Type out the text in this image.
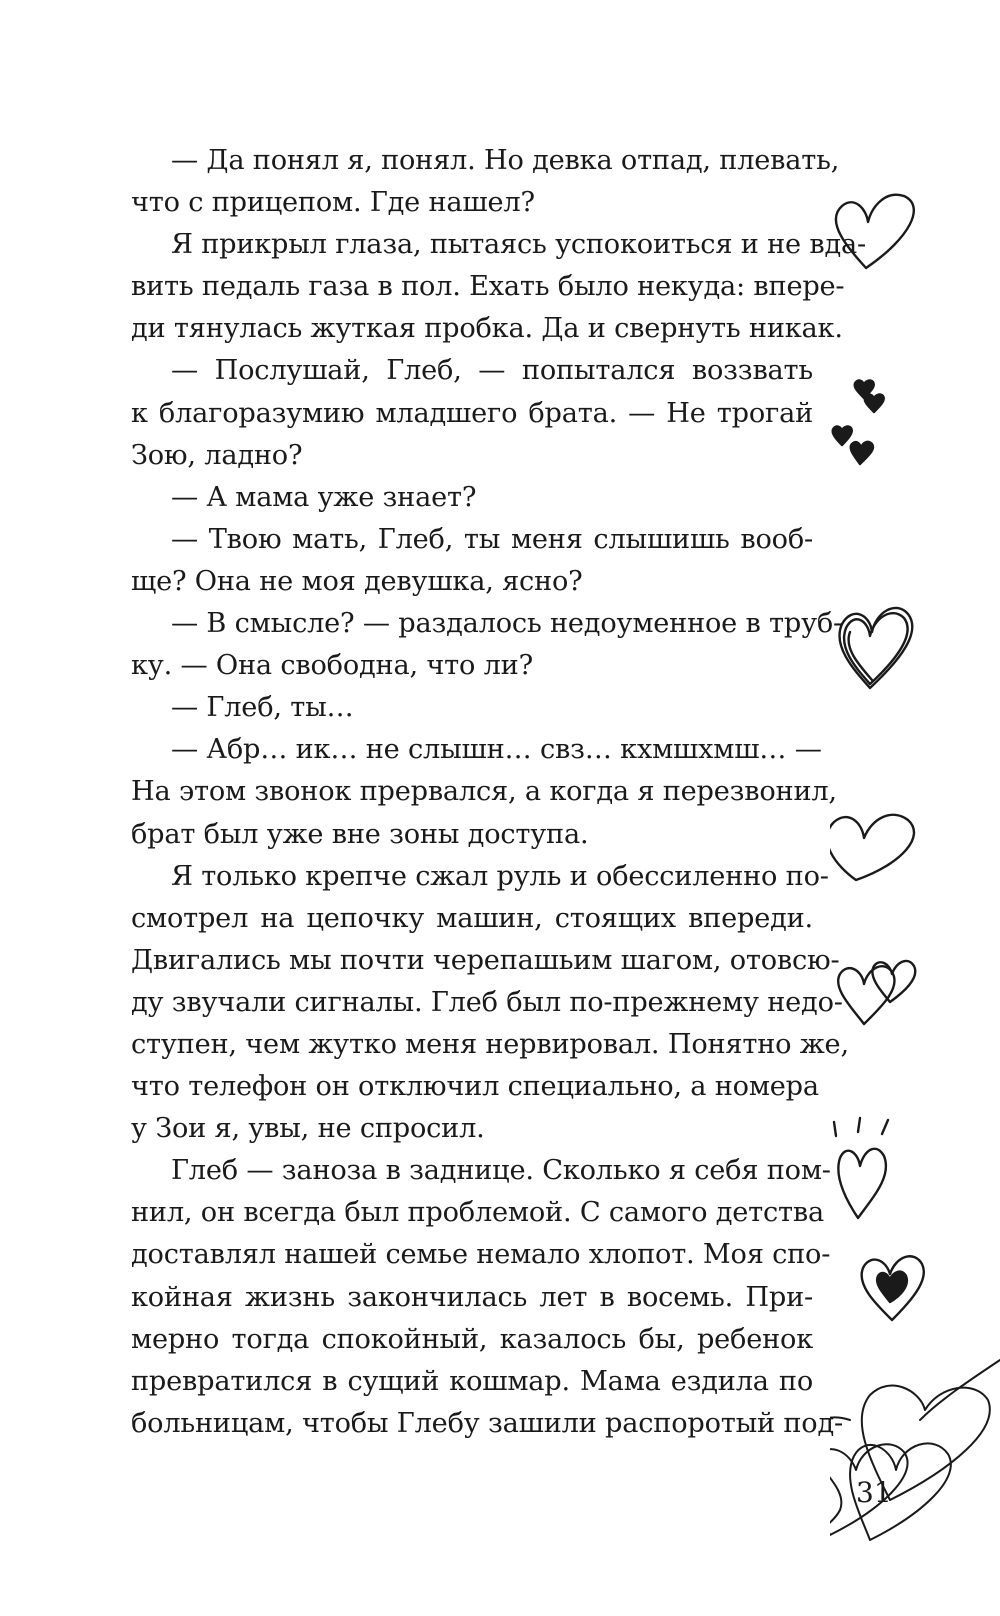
— Да понял я, понял. Но девка отпад, плевать,
что с прицепом. Где нашел?
Я прикрыл глаза, пытаясь успокоиться и не вда-
вить педаль газа в пол. Ехать было некуда: впере-
ди тянулась жуткая пробка. Да и свернуть никак.
— Послушай, Глеб, — попытался воззвать
к благоразумию младшего брата. — Не трогай
Зою, ладно?
— А мама уже знает?
— Твою мать, Глеб, ты меня слышишь вооб-
ще? Она не моя девушка, ясно?
— В смысле? — раздалось недоуменное в труб-
ку. — Она свободна, что ли?
— Глеб, ты…
— Абр… ик… не слышн… свз… кхмшхмш… —
На этом звонок прервался, а когда я перезвонил,
брат был уже вне зоны доступа.
Я только крепче сжал руль и обессиленно по-
смотрел на цепочку машин, стоящих впереди.
Двигались мы почти черепашьим шагом, отовсю-
ду звучали сигналы. Глеб был по-прежнему недо-
ступен, чем жутко меня нервировал. Понятно же,
что телефон он отключил специально, а номера
у Зои я, увы, не спросил.
Глеб — заноза в заднице. Сколько я себя пом-
нил, он всегда был проблемой. С самого детства
доставлял нашей семье немало хлопот. Моя спо-
койная жизнь закончилась лет в восемь. При-
мерно тогда спокойный, казалось бы, ребенок
превратился в сущий кошмар. Мама ездила по
больницам, чтобы Глебу зашили распоротый под-
31
